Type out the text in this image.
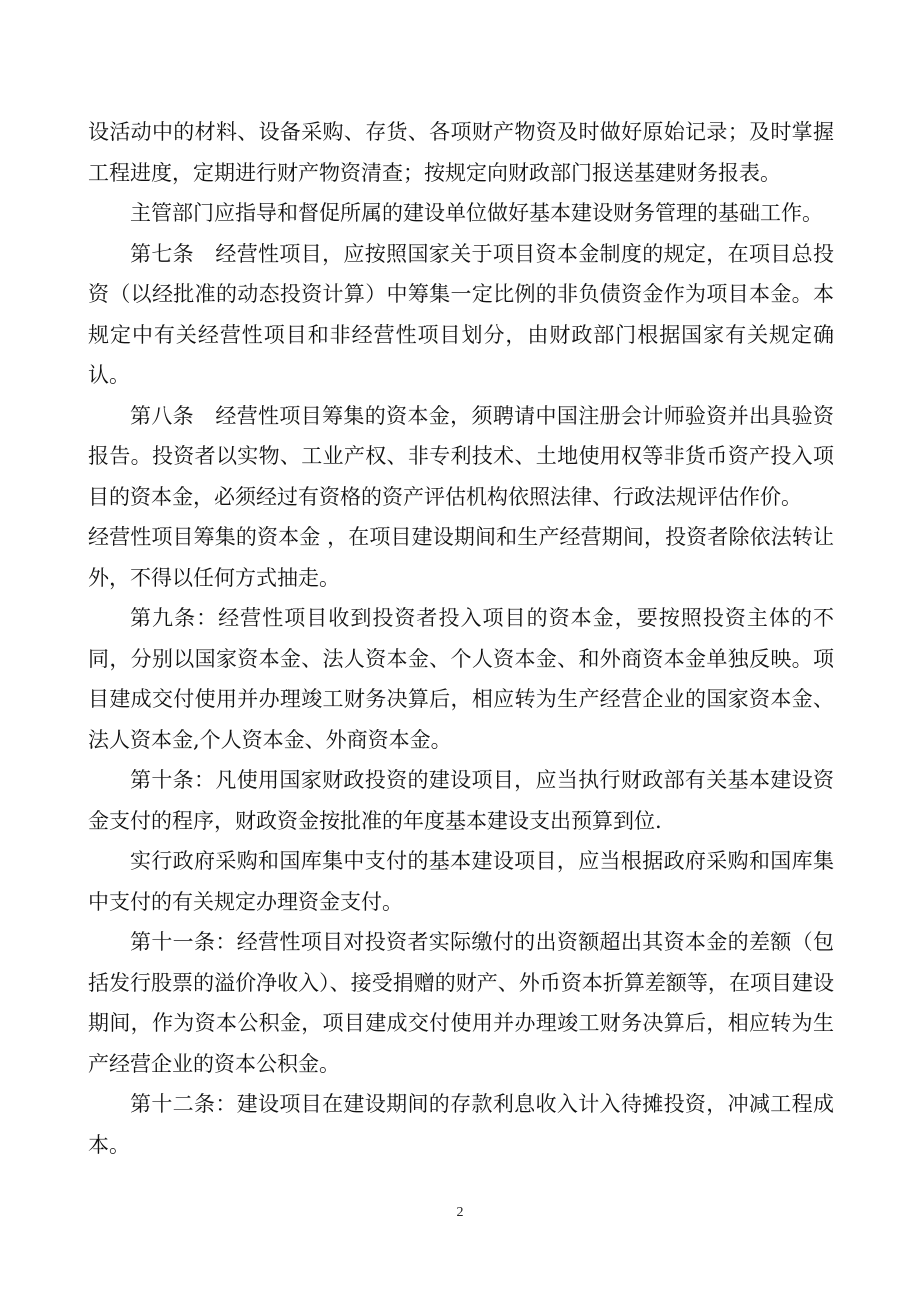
设活动中的材料、设备采购、存货、各项财产物资及时做好原始记录；及时掌握工程进度，定期进行财产物资清查；按规定向财政部门报送基建财务报表。

主管部门应指导和督促所属的建设单位做好基本建设财务管理的基础工作。

第七条　经营性项目，应按照国家关于项目资本金制度的规定，在项目总投资（以经批准的动态投资计算）中筹集一定比例的非负债资金作为项目本金。本规定中有关经营性项目和非经营性项目划分，由财政部门根据国家有关规定确认。

第八条　经营性项目筹集的资本金，须聘请中国注册会计师验资并出具验资报告。投资者以实物、工业产权、非专利技术、土地使用权等非货币资产投入项目的资本金，必须经过有资格的资产评估机构依照法律、行政法规评估作价。

经营性项目筹集的资本金 ，在项目建设期间和生产经营期间，投资者除依法转让外，不得以任何方式抽走。

第九条：经营性项目收到投资者投入项目的资本金，要按照投资主体的不同，分别以国家资本金、法人资本金、个人资本金、和外商资本金单独反映。项目建成交付使用并办理竣工财务决算后，相应转为生产经营企业的国家资本金、法人资本金,个人资本金、外商资本金。

第十条：凡使用国家财政投资的建设项目，应当执行财政部有关基本建设资金支付的程序，财政资金按批准的年度基本建设支出预算到位.

实行政府采购和国库集中支付的基本建设项目，应当根据政府采购和国库集中支付的有关规定办理资金支付。

第十一条：经营性项目对投资者实际缴付的出资额超出其资本金的差额（包括发行股票的溢价净收入）、接受捐赠的财产、外币资本折算差额等，在项目建设期间，作为资本公积金，项目建成交付使用并办理竣工财务决算后，相应转为生产经营企业的资本公积金。

第十二条：建设项目在建设期间的存款利息收入计入待摊投资，冲减工程成本。

2
